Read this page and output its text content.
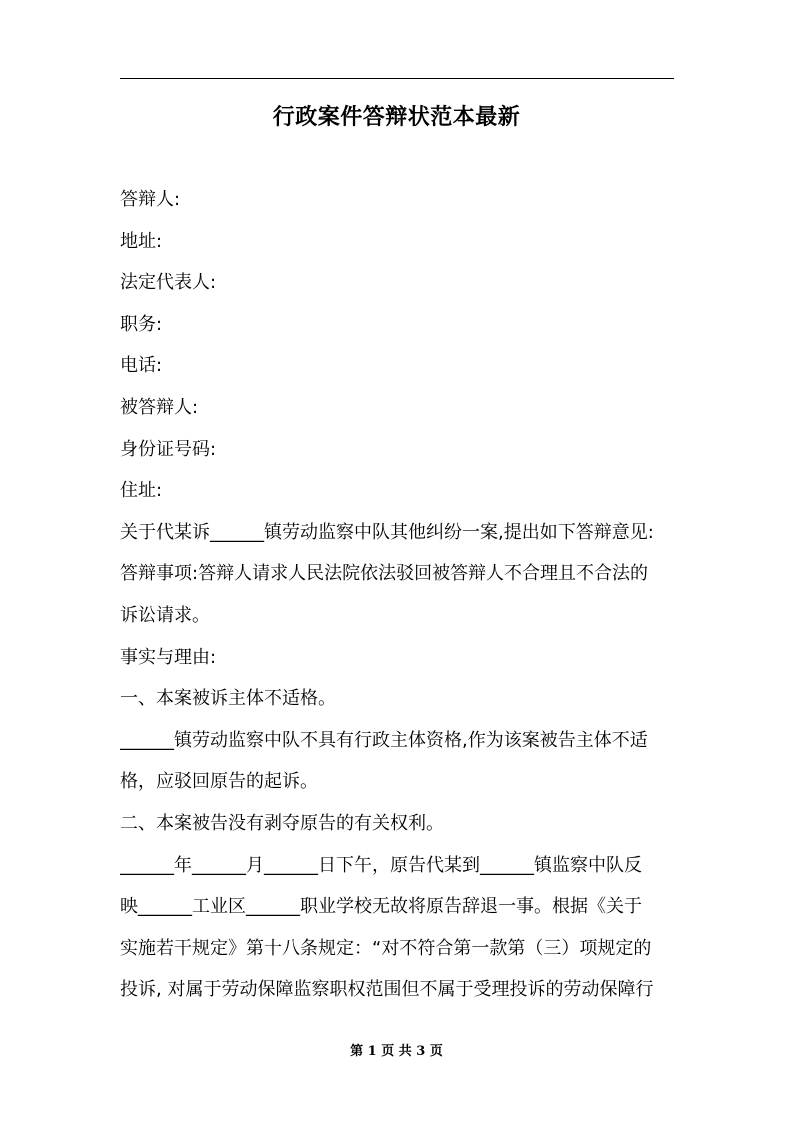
行政案件答辩状范本最新
答辩人:
地址:
法定代表人:
职务:
电话:
被答辩人:
身份证号码:
住址:
关于代某诉______镇劳动监察中队其他纠纷一案,提出如下答辩意见:
答辩事项:答辩人请求人民法院依法驳回被答辩人不合理且不合法的
诉讼请求。
事实与理由:
一、本案被诉主体不适格。
______镇劳动监察中队不具有行政主体资格,作为该案被告主体不适
格，应驳回原告的起诉。
二、本案被告没有剥夺原告的有关权利。
______年______月______日下午，原告代某到______镇监察中队反
映______工业区______职业学校无故将原告辞退一事。根据《关于
实施若干规定》第十八条规定：“对不符合第一款第（三）项规定的
投诉, 对属于劳动保障监察职权范围但不属于受理投诉的劳动保障行
第 1 页 共 3 页
